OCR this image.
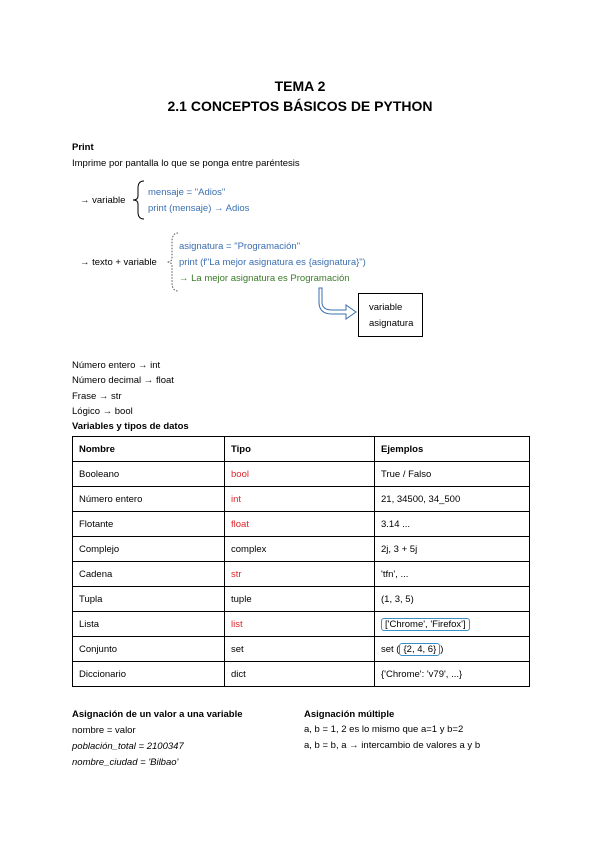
TEMA 2
2.1 CONCEPTOS BÁSICOS DE PYTHON
Print
Imprime por pantalla lo que se ponga entre paréntesis
→ variable
mensaje = "Adios"
print (mensaje) → Adios
→ texto + variable
asignatura = "Programación"
print (f"La mejor asignatura es {asignatura}")
→ La mejor asignatura es Programación
variable
asignatura
Número entero → int
Número decimal → float
Frase → str
Lógico → bool
Variables y tipos de datos
Nombre	Tipo	Ejemplos
Booleano	bool	True / Falso
Número entero	int	21, 34500, 34_500
Flotante	float	3.14 ...
Complejo	complex	2j, 3 + 5j
Cadena	str	'tfn', ...
Tupla	tuple	(1, 3, 5)
Lista	list	['Chrome', 'Firefox']
Conjunto	set	set ( {2, 4, 6} )
Diccionario	dict	{'Chrome': 'v79', ...}
Asignación de un valor a una variable
nombre = valor
población_total = 2100347
nombre_ciudad = 'Bilbao'
Asignación múltiple
a, b = 1, 2 es lo mismo que a=1 y b=2
a, b = b, a → intercambio de valores a y b
